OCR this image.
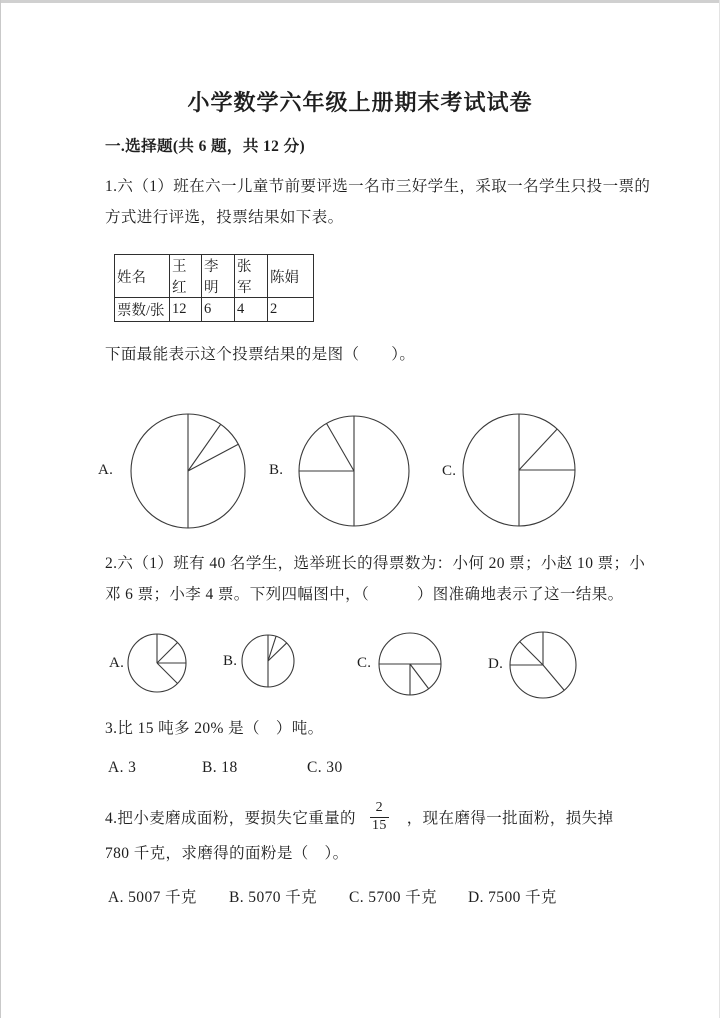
小学数学六年级上册期末考试试卷
一.选择题(共 6 题，共 12 分)
1.六（1）班在六一儿童节前要评选一名市三好学生，采取一名学生只投一票的
方式进行评选，投票结果如下表。
姓名	王红	李明	张军	陈娟
票数/张	12	6	4	2
下面最能表示这个投票结果的是图（　　）。
A.	B.	C.
2.六（1）班有 40 名学生，选举班长的得票数为：小何 20 票；小赵 10 票；小
邓 6 票；小李 4 票。下列四幅图中，（　　　）图准确地表示了这一结果。
A.	B.	C.	D.
3.比 15 吨多 20% 是（　）吨。
A. 3	B. 18	C. 30
4.把小麦磨成面粉，要损失它重量的 $\frac{2}{15}$ ，现在磨得一批面粉，损失掉
780 千克，求磨得的面粉是（　）。
A. 5007 千克 B. 5070 千克 C. 5700 千克 D. 7500 千克
